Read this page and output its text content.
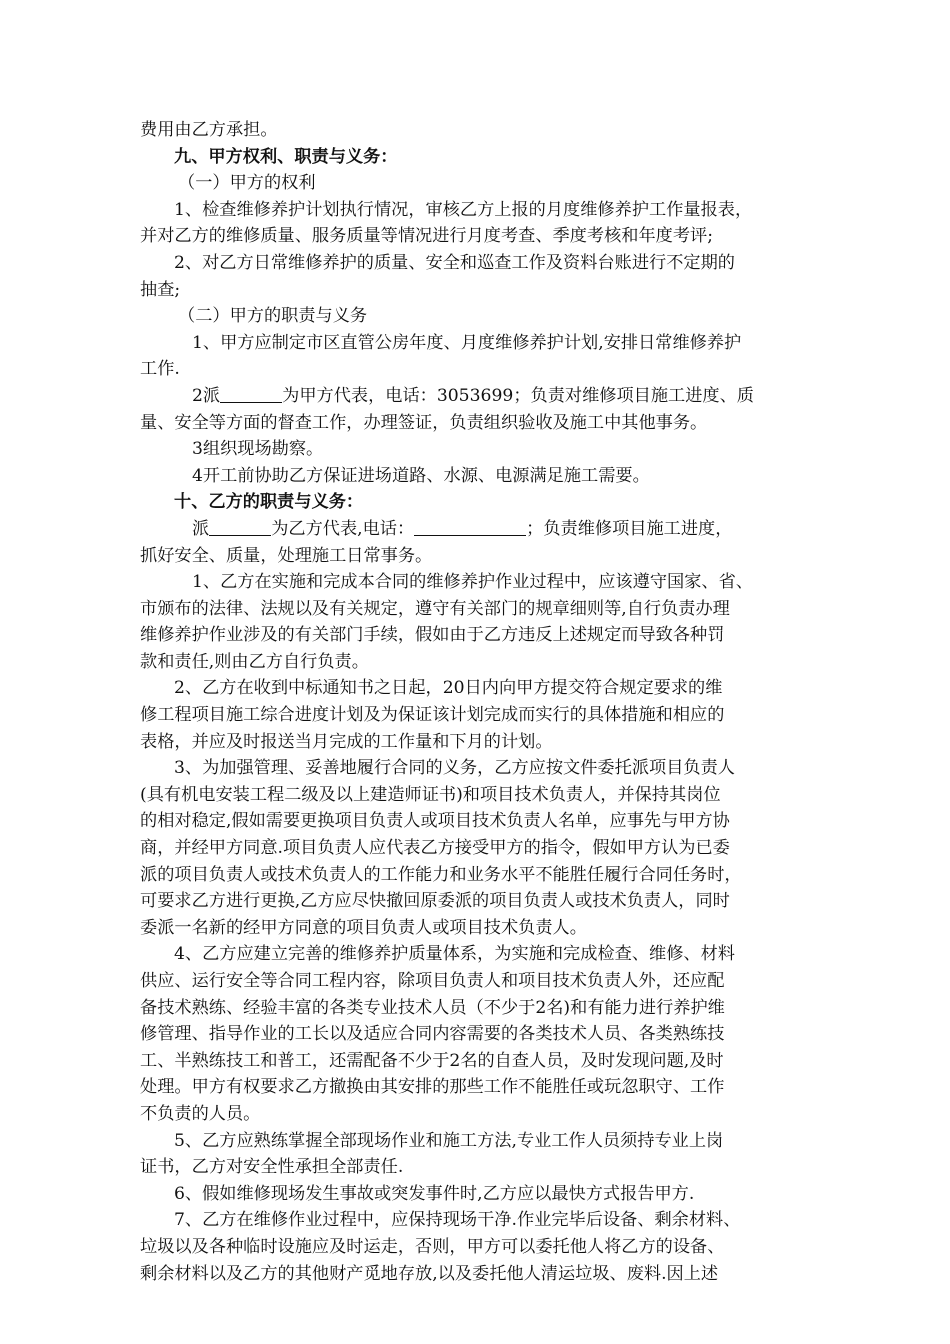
费用由乙方承担。
九、甲方权利、职责与义务：
（一）甲方的权利
1、检查维修养护计划执行情况，审核乙方上报的月度维修养护工作量报表，
并对乙方的维修质量、服务质量等情况进行月度考查、季度考核和年度考评;
2、对乙方日常维修养护的质量、安全和巡查工作及资料台账进行不定期的
抽查;
（二）甲方的职责与义务
1、甲方应制定市区直管公房年度、月度维修养护计划,安排日常维修养护
工作.
2派	为甲方代表，电话：3053699；负责对维修项目施工进度、质
量、安全等方面的督查工作，办理签证，负责组织验收及施工中其他事务。
3组织现场勘察。
4开工前协助乙方保证进场道路、水源、电源满足施工需要。
十、乙方的职责与义务：
派	为乙方代表,电话：	；负责维修项目施工进度，
抓好安全、质量，处理施工日常事务。
1、乙方在实施和完成本合同的维修养护作业过程中，应该遵守国家、省、
市颁布的法律、法规以及有关规定，遵守有关部门的规章细则等,自行负责办理
维修养护作业涉及的有关部门手续，假如由于乙方违反上述规定而导致各种罚
款和责任,则由乙方自行负责。
2、乙方在收到中标通知书之日起，20日内向甲方提交符合规定要求的维
修工程项目施工综合进度计划及为保证该计划完成而实行的具体措施和相应的
表格，并应及时报送当月完成的工作量和下月的计划。
3、为加强管理、妥善地履行合同的义务，乙方应按文件委托派项目负责人
(具有机电安装工程二级及以上建造师证书)和项目技术负责人，并保持其岗位
的相对稳定,假如需要更换项目负责人或项目技术负责人名单，应事先与甲方协
商，并经甲方同意.项目负责人应代表乙方接受甲方的指令，假如甲方认为已委
派的项目负责人或技术负责人的工作能力和业务水平不能胜任履行合同任务时，
可要求乙方进行更换,乙方应尽快撤回原委派的项目负责人或技术负责人，同时
委派一名新的经甲方同意的项目负责人或项目技术负责人。
4、乙方应建立完善的维修养护质量体系，为实施和完成检查、维修、材料
供应、运行安全等合同工程内容，除项目负责人和项目技术负责人外，还应配
备技术熟练、经验丰富的各类专业技术人员（不少于2名)和有能力进行养护维
修管理、指导作业的工长以及适应合同内容需要的各类技术人员、各类熟练技
工、半熟练技工和普工，还需配备不少于2名的自查人员，及时发现问题,及时
处理。甲方有权要求乙方撤换由其安排的那些工作不能胜任或玩忽职守、工作
不负责的人员。
5、乙方应熟练掌握全部现场作业和施工方法,专业工作人员须持专业上岗
证书，乙方对安全性承担全部责任.
6、假如维修现场发生事故或突发事件时,乙方应以最快方式报告甲方.
7、乙方在维修作业过程中，应保持现场干净.作业完毕后设备、剩余材料、
垃圾以及各种临时设施应及时运走，否则，甲方可以委托他人将乙方的设备、
剩余材料以及乙方的其他财产觅地存放,以及委托他人清运垃圾、废料.因上述
